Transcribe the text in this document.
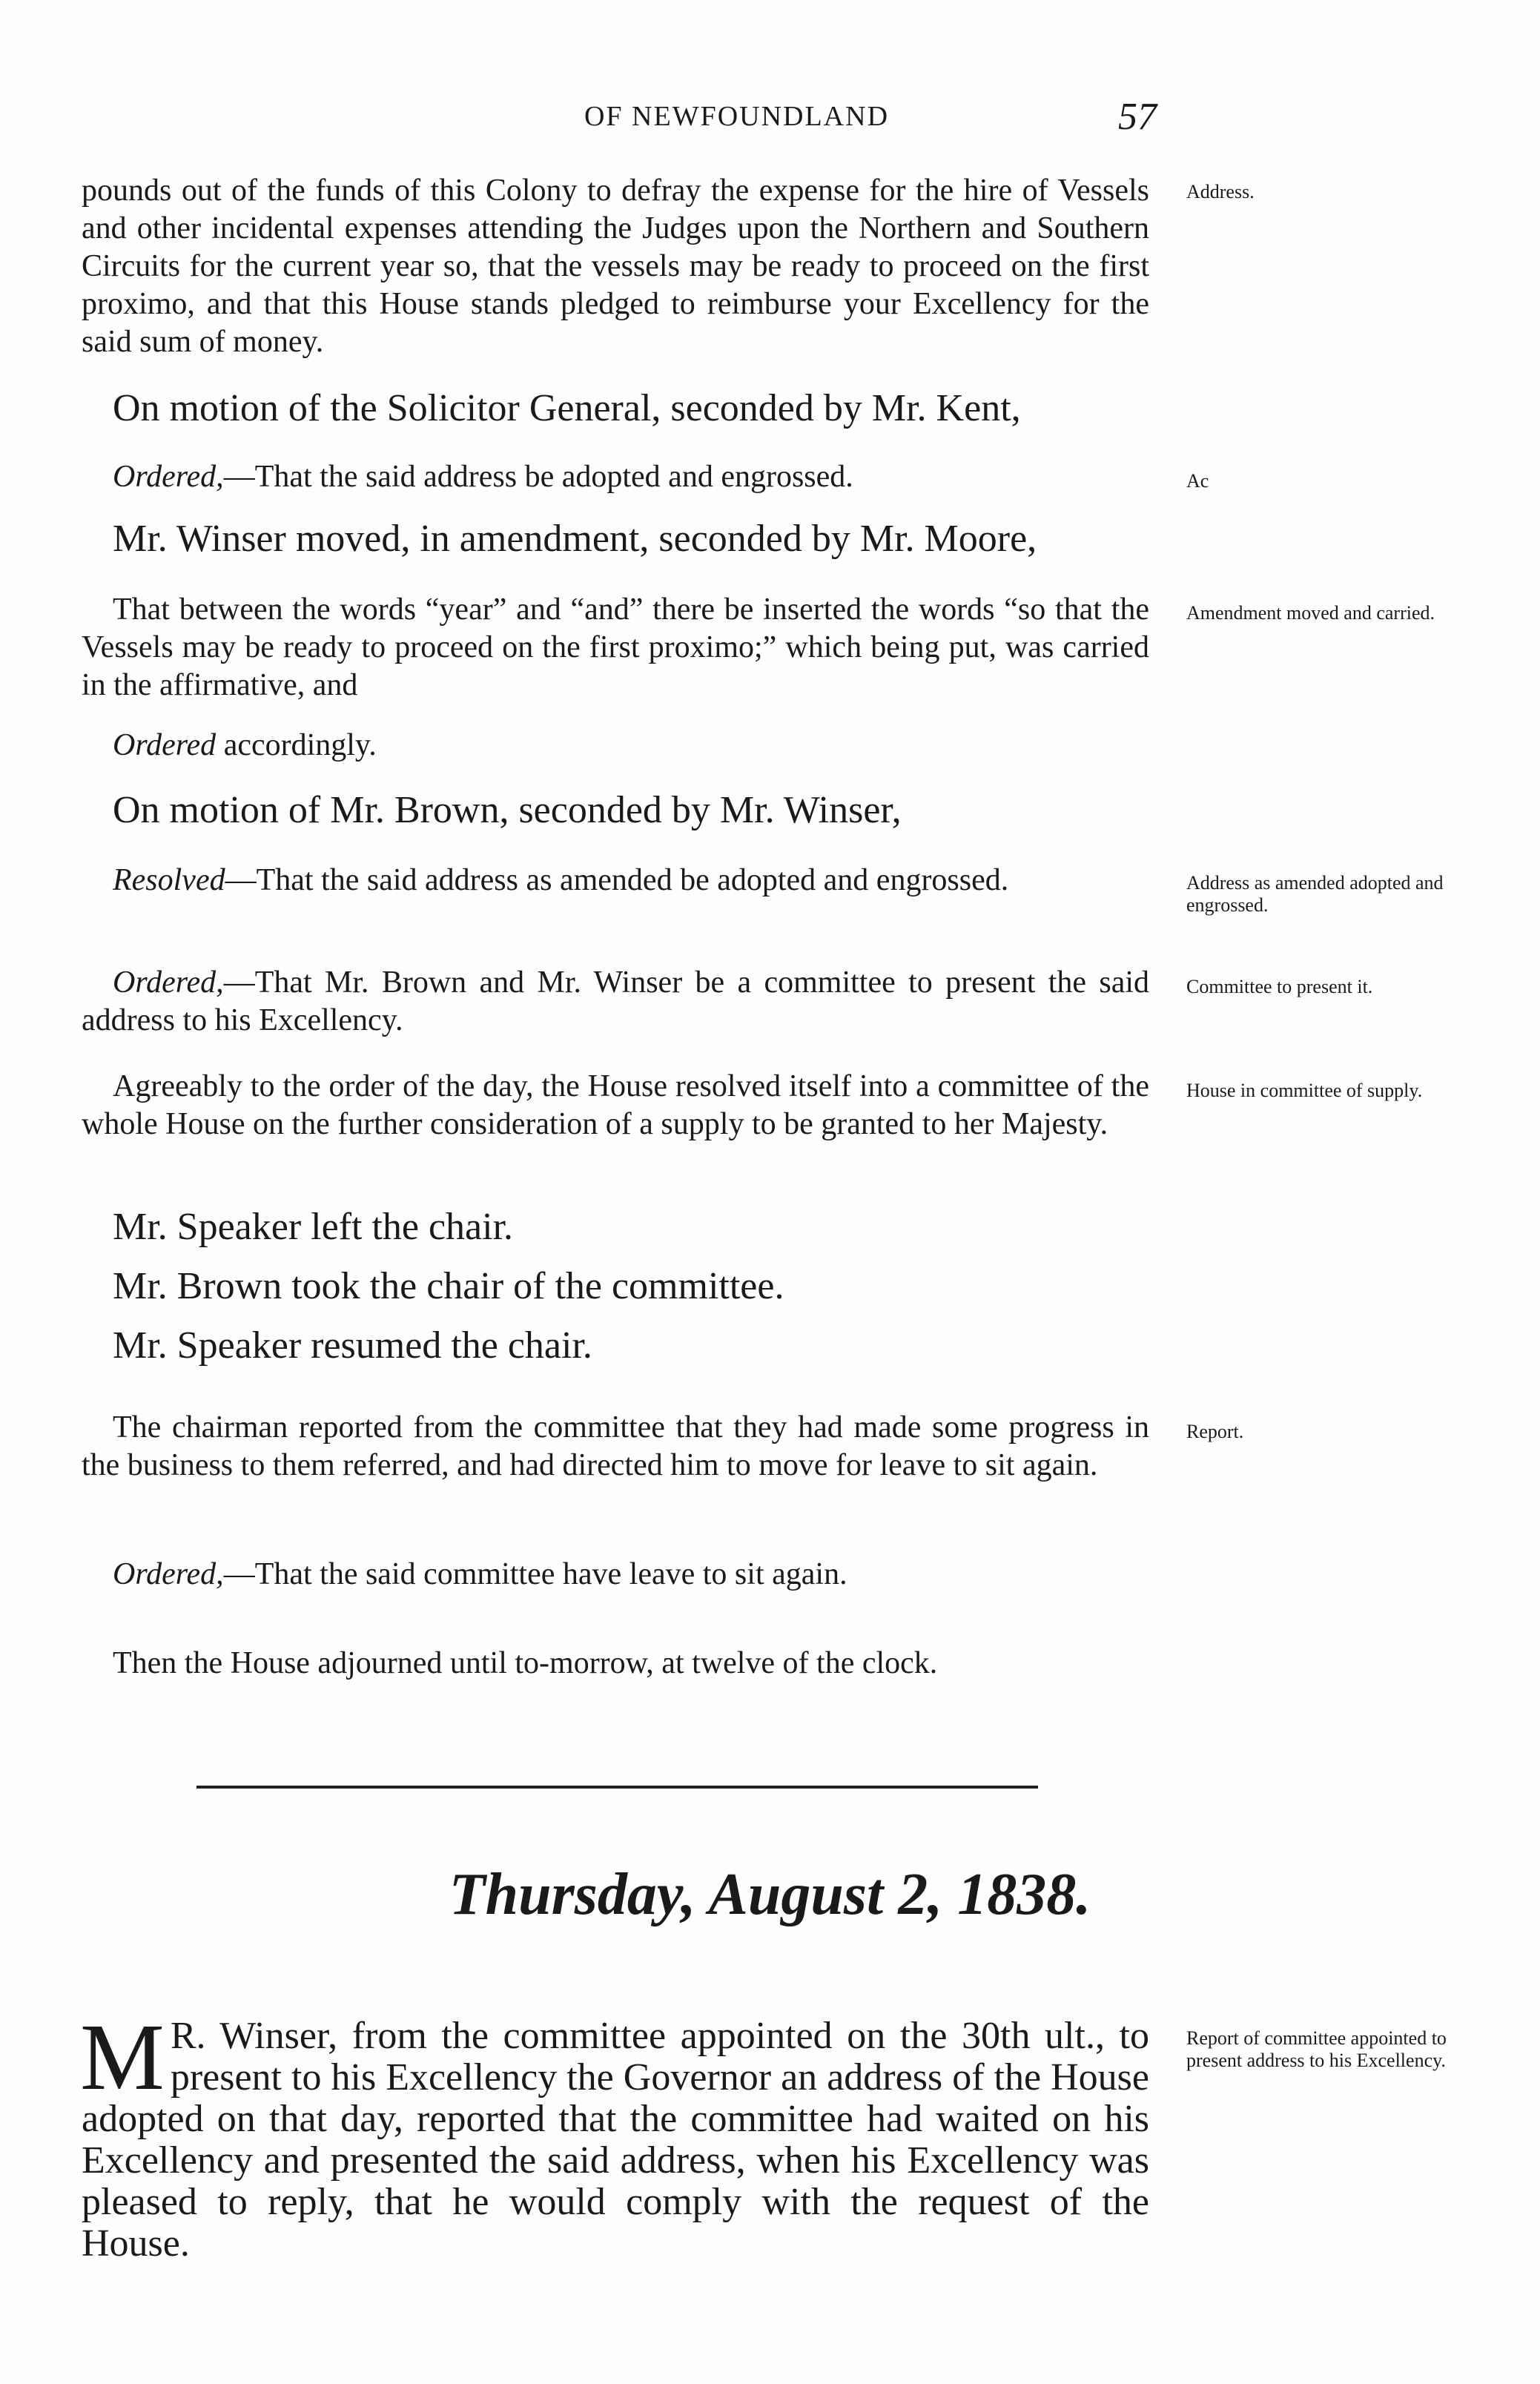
OF NEWFOUNDLAND	57

pounds out of the funds of this Colony to defray the expense for the hire of Vessels and other incidental expenses attending the Judges upon the Northern and Southern Circuits for the current year so, that the vessels may be ready to proceed on the first proximo, and that this House stands pledged to reimburse your Excellency for the said sum of money.

On motion of the Solicitor General, seconded by Mr. Kent,

Ordered,—That the said address be adopted and engrossed.

Mr. Winser moved, in amendment, seconded by Mr. Moore,

That between the words “year” and “and” there be inserted the words “so that the Vessels may be ready to proceed on the first proximo;” which being put, was carried in the affirmative, and

Ordered accordingly.

On motion of Mr. Brown, seconded by Mr. Winser,

Resolved—That the said address as amended be adopted and engrossed.

Ordered,—That Mr. Brown and Mr. Winser be a committee to present the said address to his Excellency.

Agreeably to the order of the day, the House resolved itself into a committee of the whole House on the further consideration of a supply to be granted to her Majesty.

Mr. Speaker left the chair.

Mr. Brown took the chair of the committee.

Mr. Speaker resumed the chair.

The chairman reported from the committee that they had made some progress in the business to them referred, and had directed him to move for leave to sit again.

Ordered,—That the said committee have leave to sit again.

Then the House adjourned until to-morrow, at twelve of the clock.

Address.
Ac
Amendment moved and carried.
Address as amended adopted and engrossed.
Committee to present it.
House in committee of supply.
Report.
Report of committee appointed to present address to his Excellency.
Thursday, August 2, 1838.

M R. Winser, from the committee appointed on the 30th ult., to present to his Excellency the Governor an address of the House adopted on that day, reported that the committee had waited on his Excellency and presented the said address, when his Excellency was pleased to reply, that he would comply with the request of the House.
